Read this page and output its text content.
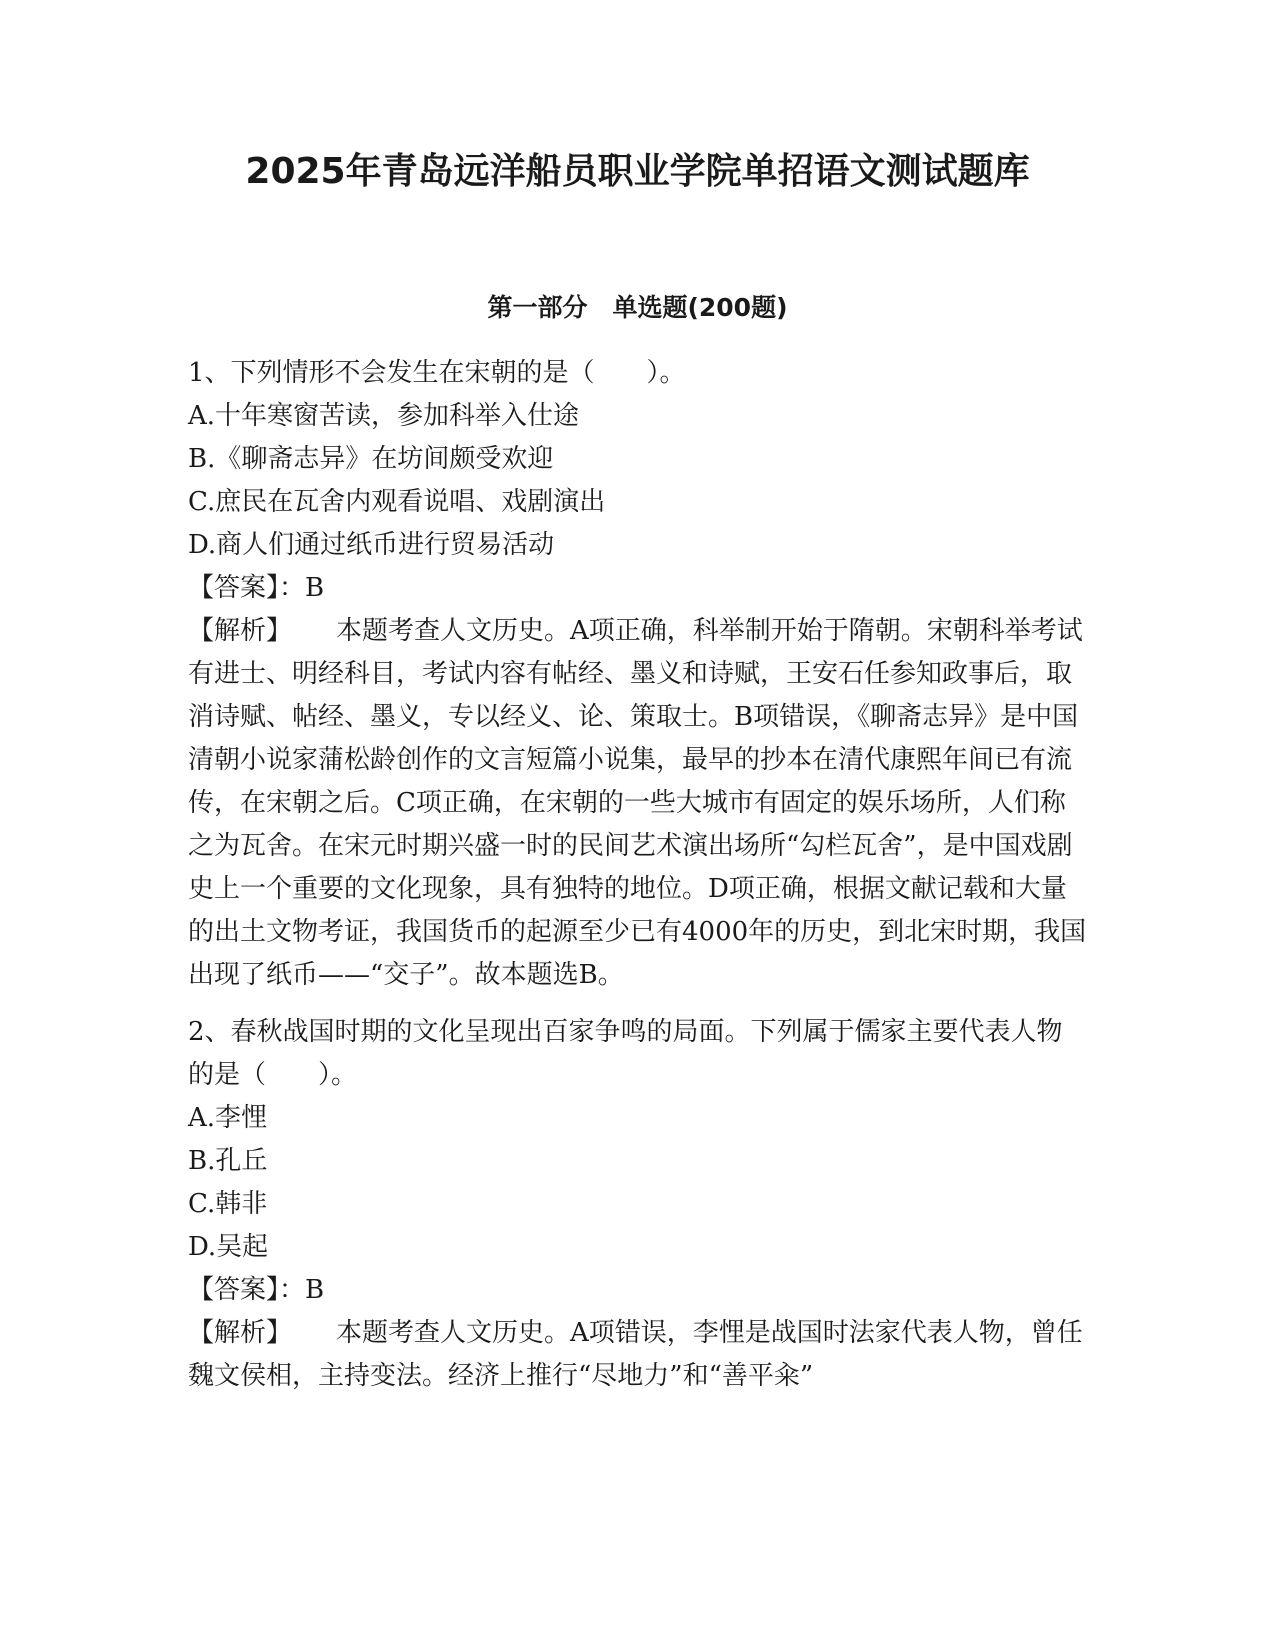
2025年青岛远洋船员职业学院单招语文测试题库
第一部分　单选题(200题)

1、下列情形不会发生在宋朝的是（　　）。

A.十年寒窗苦读，参加科举入仕途

B.《聊斋志异》在坊间颇受欢迎

C.庶民在瓦舍内观看说唱、戏剧演出

D.商人们通过纸币进行贸易活动

【答案】：B

【解析】 本题考查人文历史。A项正确，科举制开始于隋朝。宋朝科举考试有进士、明经科目，考试内容有帖经、墨义和诗赋，王安石任参知政事后，取消诗赋、帖经、墨义，专以经义、论、策取士。B项错误，《聊斋志异》是中国清朝小说家蒲松龄创作的文言短篇小说集，最早的抄本在清代康熙年间已有流传，在宋朝之后。C项正确，在宋朝的一些大城市有固定的娱乐场所，人们称之为瓦舍。在宋元时期兴盛一时的民间艺术演出场所“勾栏瓦舍”，是中国戏剧史上一个重要的文化现象，具有独特的地位。D项正确，根据文献记载和大量的出土文物考证，我国货币的起源至少已有4000年的历史，到北宋时期，我国出现了纸币——“交子”。故本题选B。

2、春秋战国时期的文化呈现出百家争鸣的局面。下列属于儒家主要代表人物的是（　　）。

A.李悝

B.孔丘

C.韩非

D.吴起

【答案】：B

【解析】 本题考查人文历史。A项错误，李悝是战国时法家代表人物，曾任魏文侯相，主持变法。经济上推行“尽地力”和“善平籴”
